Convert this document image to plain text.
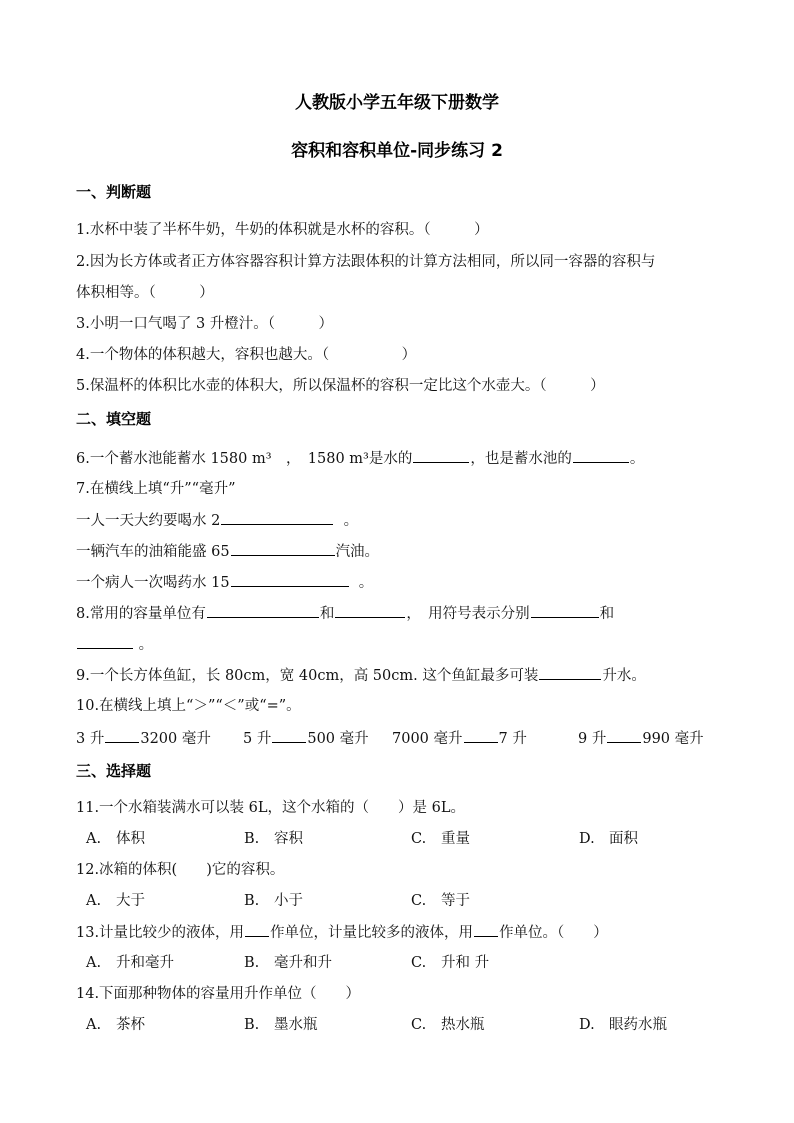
人教版小学五年级下册数学
容积和容积单位-同步练习 2
一、判断题
1.水杯中装了半杯牛奶，牛奶的体积就是水杯的容积。（　　　）
2.因为长方体或者正方体容器容积计算方法跟体积的计算方法相同，所以同一容器的容积与
体积相等。（　　　）
3.小明一口气喝了 3 升橙汁。（　　　）
4.一个物体的体积越大，容积也越大。（　　　　　）
5.保温杯的体积比水壶的体积大，所以保温杯的容积一定比这个水壶大。（　　　）
二、填空题
6.一个蓄水池能蓄水 1580 m³　，　1580 m³是水的	，也是蓄水池的	。
7.在横线上填“升”“毫升”
一人一天大约要喝水 2	。
一辆汽车的油箱能盛 65	汽油。
一个病人一次喝药水 15	。
8.常用的容量单位有	和	，　用符号表示分别	和
。
9.一个长方体鱼缸，长 80cm，宽 40cm，高 50cm. 这个鱼缸最多可装	升水。
10.在横线上填上“＞”“＜”或“=”。
3 升 3200 毫升 5 升 500 毫升 7000 毫升 7 升	9 升 990 毫升
三、选择题
11.一个水箱装满水可以装 6L，这个水箱的（　　）是 6L。
A. 体积	B. 容积	C. 重量	D. 面积
12.冰箱的体积(　　)它的容积。
A. 大于	B. 小于	C. 等于
13.计量比较少的液体，用 作单位，计量比较多的液体，用 作单位。（　　）
A. 升和毫升	B. 毫升和升	C. 升和 升
14.下面那种物体的容量用升作单位（　　）
A. 茶杯	B. 墨水瓶	C. 热水瓶	D. 眼药水瓶
